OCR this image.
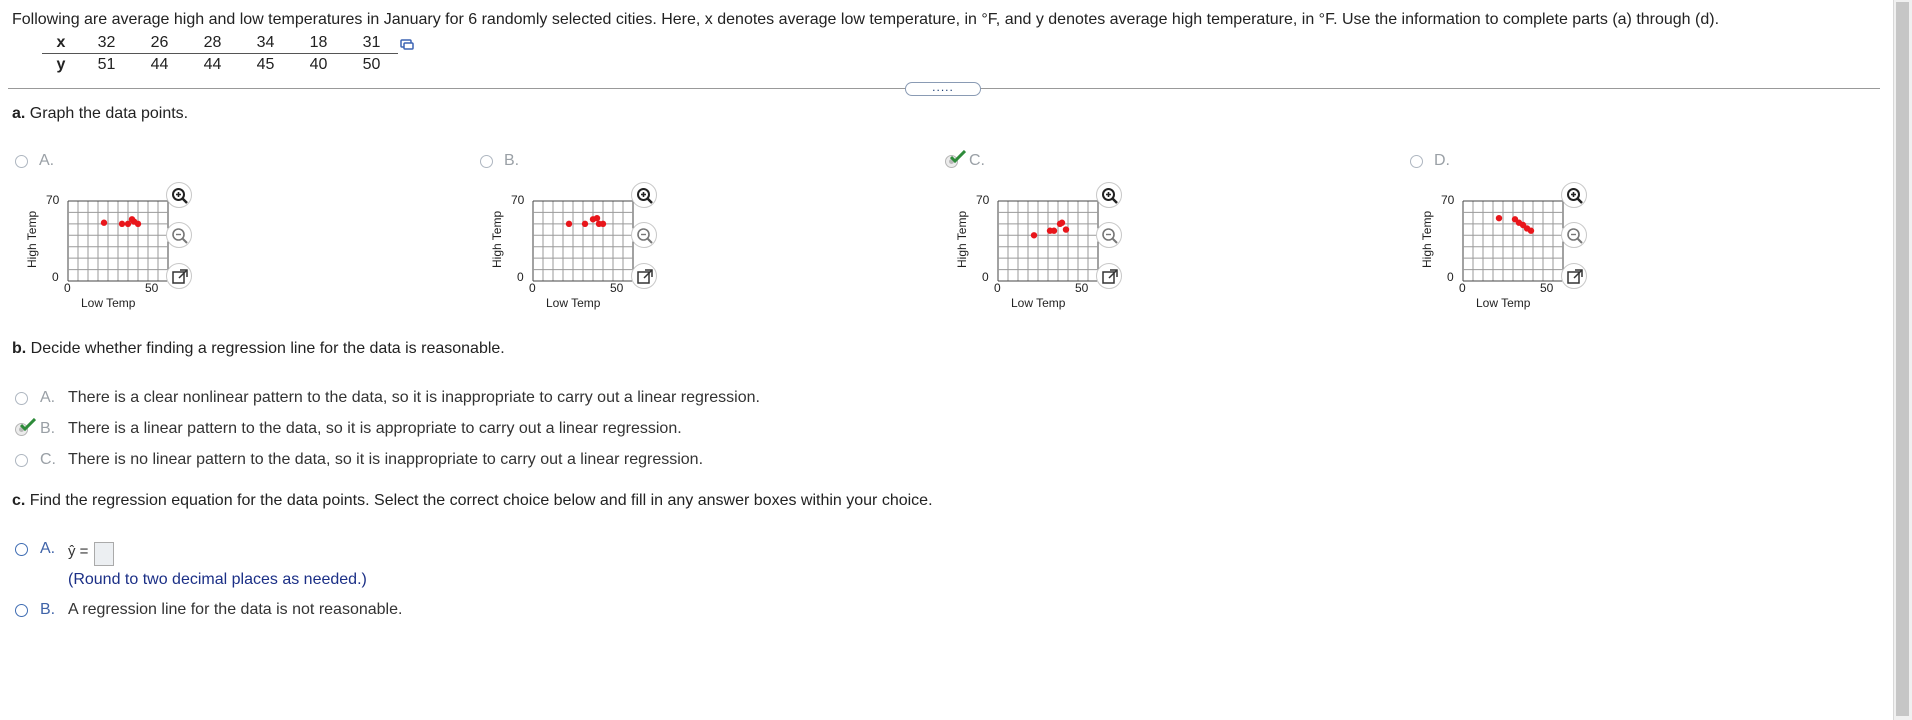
Following are average high and low temperatures in January for 6 randomly selected cities. Here, x denotes average low temperature, in °F, and y denotes average high temperature, in °F. Use the information to complete parts (a) through (d).
x	32	26	28	34	18	31
y	51	44	44	45	40	50
.....
a. Graph the data points.
A.
High Temp
70
0
0	50
Low Temp
B.
High Temp
70
0
0	50
Low Temp
C.
High Temp
70
0
0	50
Low Temp
D.
High Temp
70
0
0	50
Low Temp
b. Decide whether finding a regression line for the data is reasonable.
A. There is a clear nonlinear pattern to the data, so it is inappropriate to carry out a linear regression.
B. There is a linear pattern to the data, so it is appropriate to carry out a linear regression.
C. There is no linear pattern to the data, so it is inappropriate to carry out a linear regression.
c. Find the regression equation for the data points. Select the correct choice below and fill in any answer boxes within your choice.
A. ŷ =
(Round to two decimal places as needed.)
B. A regression line for the data is not reasonable.
